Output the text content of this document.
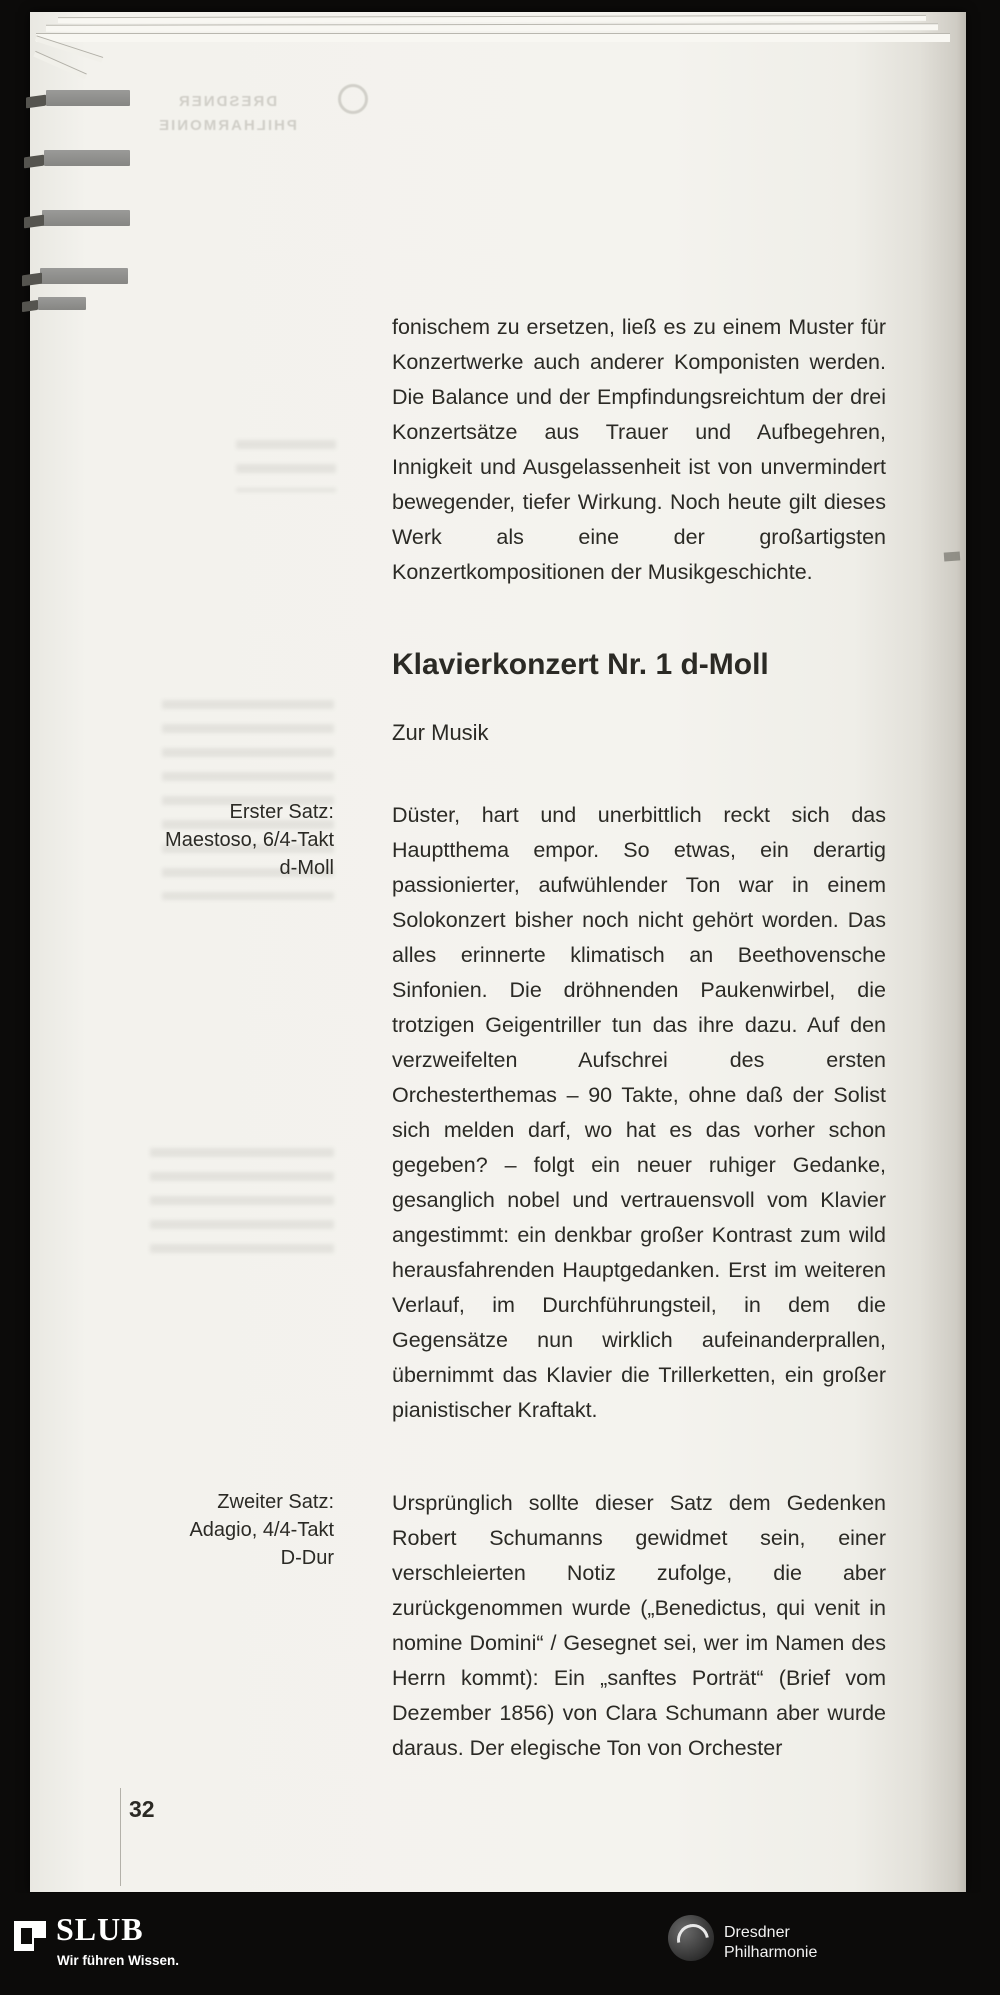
DRESDNER PHILHARMONIE

fonischem zu ersetzen, ließ es zu einem Muster für Konzertwerke auch anderer Komponisten werden. Die Balance und der Empfindungsreichtum der drei Konzertsätze aus Trauer und Aufbegehren, Innigkeit und Ausgelassenheit ist von unvermindert bewegender, tiefer Wirkung. Noch heute gilt dieses Werk als eine der großartigsten Konzertkompositionen der Musikgeschichte.

Klavierkonzert Nr. 1 d-Moll
Zur Musik
Erster Satz:
Maestoso, 6/4-Takt
d-Moll

Düster, hart und unerbittlich reckt sich das Hauptthema empor. So etwas, ein derartig passionierter, aufwühlender Ton war in einem Solokonzert bisher noch nicht gehört worden. Das alles erinnerte klimatisch an Beethovensche Sinfonien. Die dröhnenden Paukenwirbel, die trotzigen Geigentriller tun das ihre dazu. Auf den verzweifelten Aufschrei des ersten Orchesterthemas – 90 Takte, ohne daß der Solist sich melden darf, wo hat es das vorher schon gegeben? – folgt ein neuer ruhiger Gedanke, gesanglich nobel und vertrauensvoll vom Klavier angestimmt: ein denkbar großer Kontrast zum wild herausfahrenden Hauptgedanken. Erst im weiteren Verlauf, im Durchführungsteil, in dem die Gegensätze nun wirklich aufeinanderprallen, übernimmt das Klavier die Trillerketten, ein großer pianistischer Kraftakt.

Zweiter Satz:
Adagio, 4/4-Takt
D-Dur

Ursprünglich sollte dieser Satz dem Gedenken Robert Schumanns gewidmet sein, einer verschleierten Notiz zufolge, die aber zurückgenommen wurde („Benedictus, qui venit in nomine Domini“ / Gesegnet sei, wer im Namen des Herrn kommt): Ein „sanftes Porträt“ (Brief vom Dezember 1856) von Clara Schumann aber wurde daraus. Der elegische Ton von Orchester

32
SLUB
Wir führen Wissen.
Dresdner Philharmonie
